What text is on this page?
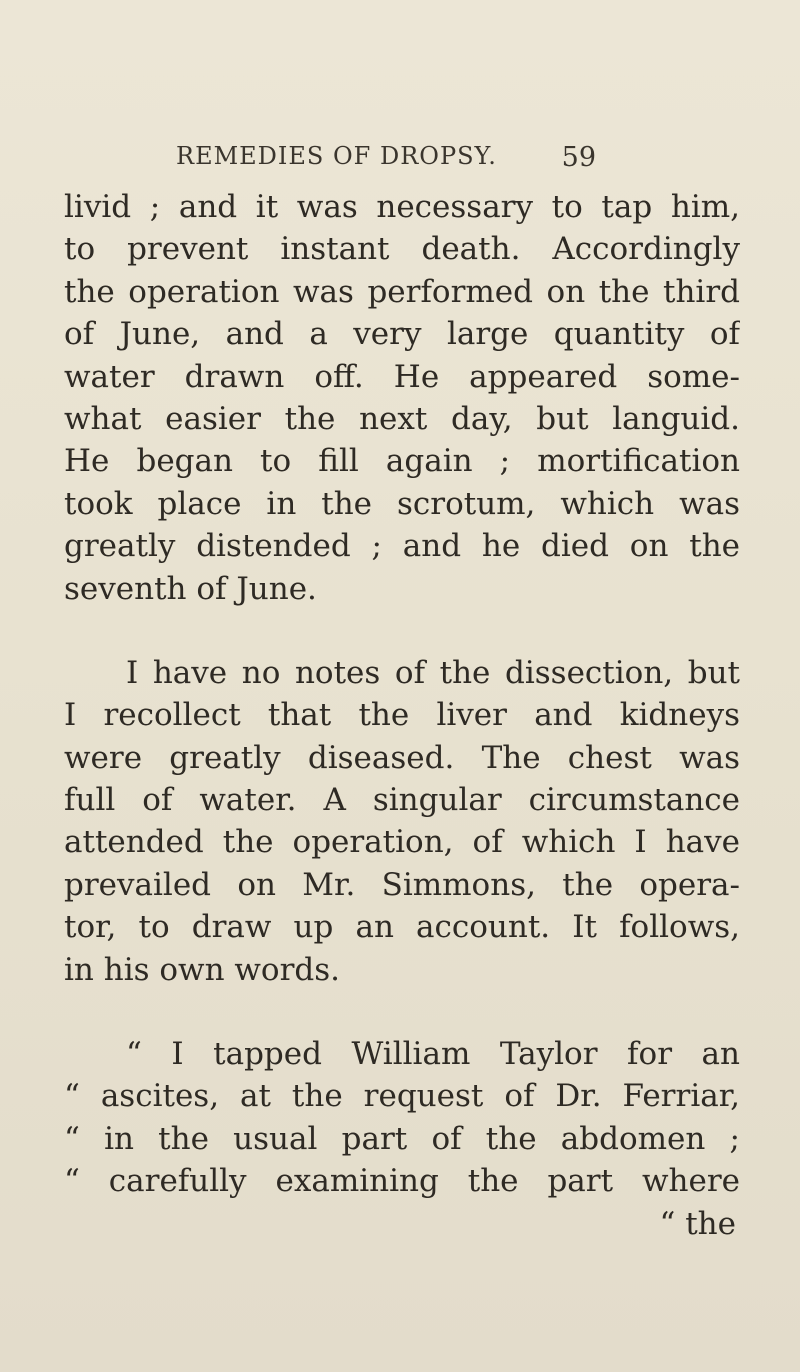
REMEDIES OF DROPSY. 59
livid ; and it was necessary to tap him,
to prevent instant death. Accordingly
the operation was performed on the third
of June, and a very large quantity of
water drawn off. He appeared some-
what easier the next day, but languid.
He began to fill again ; mortification
took place in the scrotum, which was
greatly distended ; and he died on the
seventh of June.
I have no notes of the dissection, but
I recollect that the liver and kidneys
were greatly diseased. The chest was
full of water. A singular circumstance
attended the operation, of which I have
prevailed on Mr. Simmons, the opera-
tor, to draw up an account. It follows,
in his own words.
“ I tapped William Taylor for an
“ ascites, at the request of Dr. Ferriar,
“ in the usual part of the abdomen ;
“ carefully examining the part where
“ the
